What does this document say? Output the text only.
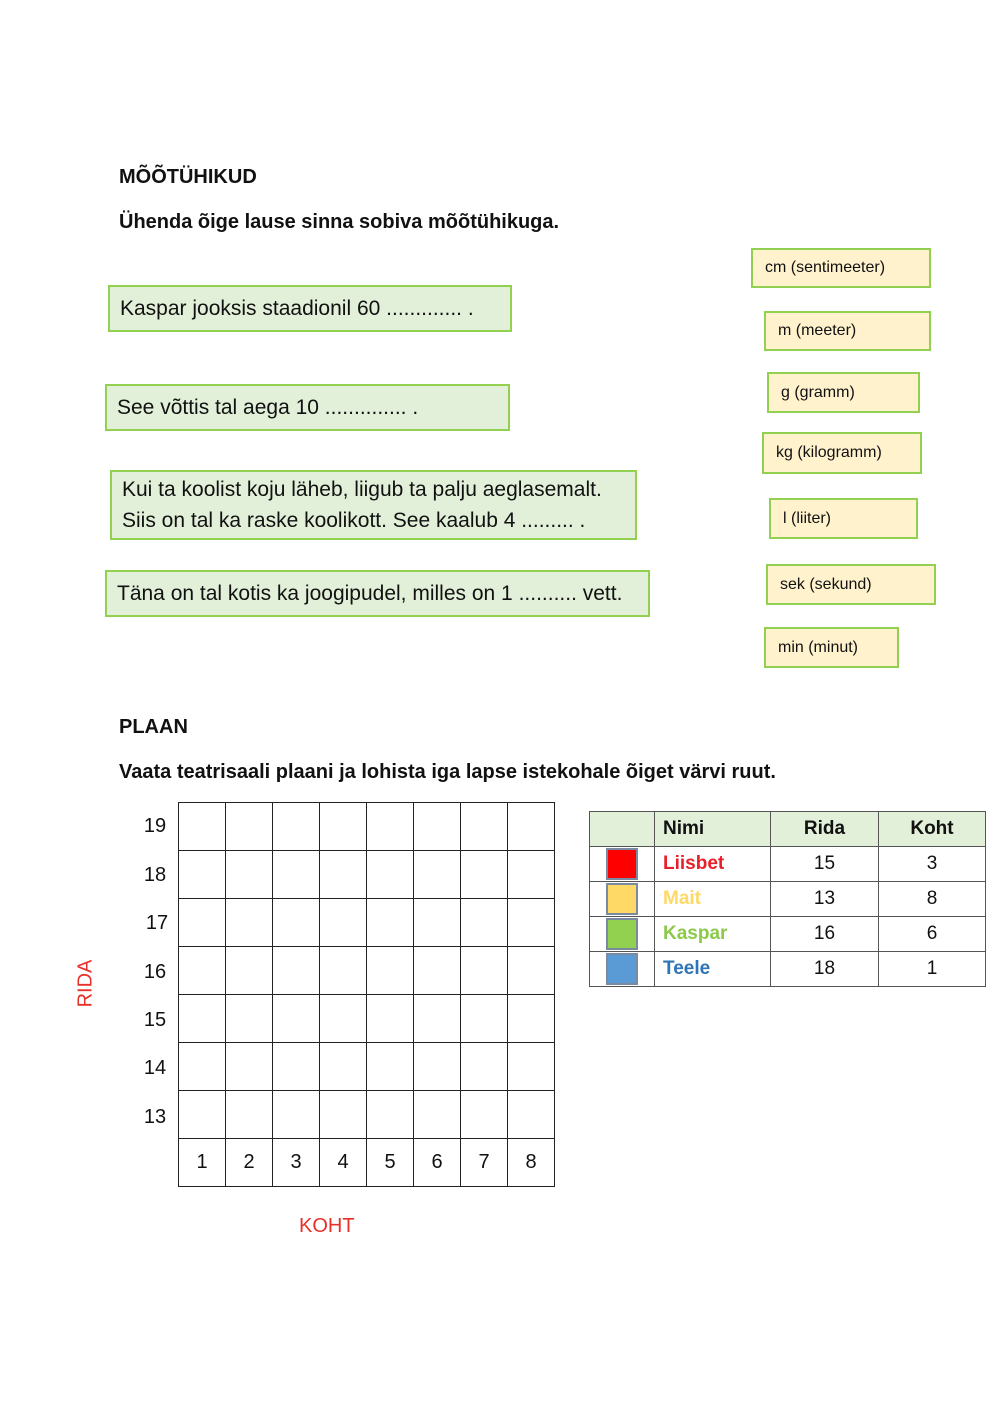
MÕÕTÜHIKUD
Ühenda õige lause sinna sobiva mõõtühikuga.
Kaspar jooksis staadionil 60 ............. .
See võttis tal aega 10 .............. .
Kui ta koolist koju läheb, liigub ta palju aeglasemalt.
Siis on tal ka raske koolikott. See kaalub 4 ......... .
Täna on tal kotis ka joogipudel, milles on 1 .......... vett.
cm (sentimeeter)
m (meeter)
g (gramm)
kg (kilogramm)
l (liiter)
sek (sekund)
min (minut)
PLAAN
Vaata teatrisaali plaani ja lohista iga lapse istekohale õiget värvi ruut.
19
18
17
16
15
14
13
RIDA
KOHT

1	2	3	4	5	6	7	8
	Nimi	Rida	Koht
	Liisbet	15	3
	Mait	13	8
	Kaspar	16	6
	Teele	18	1
